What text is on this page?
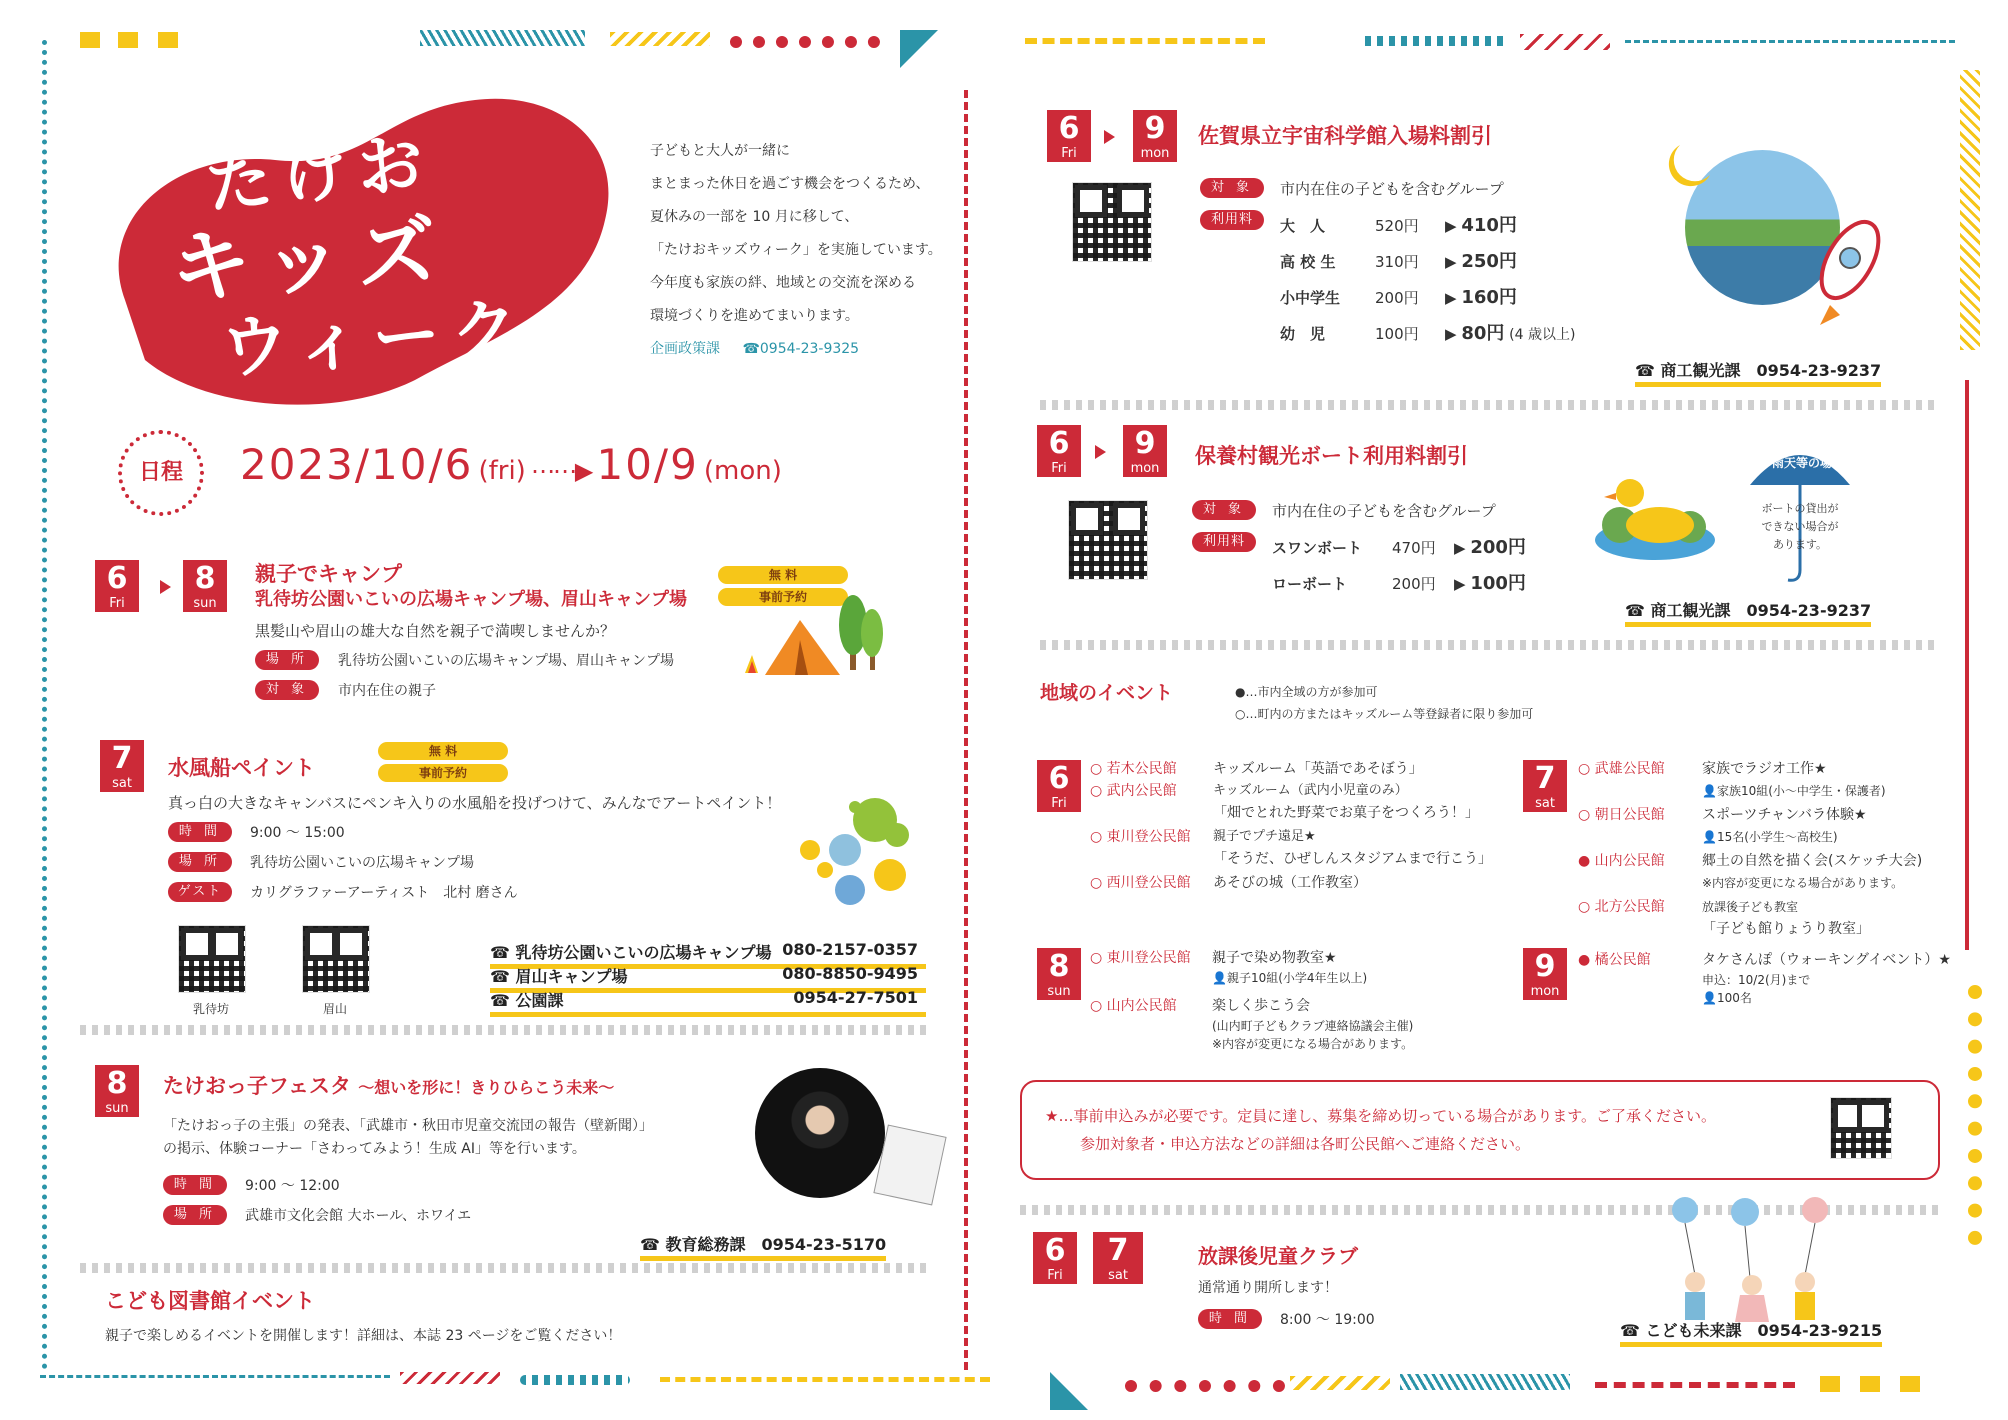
たけお
キッズ
ウィーク
子どもと大人が一緒に
まとまった休日を過ごす機会をつくるため、
夏休みの一部を 10 月に移して、
「たけおキッズウィーク」を実施しています。
今年度も家族の絆、地域との交流を深める
環境づくりを進めてまいります。
企画政策課 ☎0954-23-9325
日程	2023/10/6 (fri) ⋯⋯▶ 10/9 (mon)
6
Fri
8
sun
親子でキャンプ
乳待坊公園いこいの広場キャンプ場、眉山キャンプ場
無 料
事前予約
黒髪山や眉山の雄大な自然を親子で満喫しませんか？
場 所	乳待坊公園いこいの広場キャンプ場、眉山キャンプ場
対 象	市内在住の親子
7
sat
水風船ペイント
無 料
事前予約
真っ白の大きなキャンバスにペンキ入りの水風船を投げつけて、みんなでアートペイント！
時 間	9:00 ～ 15:00
場 所	乳待坊公園いこいの広場キャンプ場
ゲスト	カリグラファーアーティスト　北村 磨さん
乳待坊	眉山
☎ 乳待坊公園いこいの広場キャンプ場 080-2157-0357
☎ 眉山キャンプ場	080-8850-9495
☎ 公園課	0954-27-7501
8
sun
たけおっ子フェスタ ～想いを形に！きりひらこう未来～
「たけおっ子の主張」の発表、「武雄市・秋田市児童交流団の報告（壁新聞）」
の掲示、体験コーナー「さわってみよう！生成 AI」等を行います。
時 間	9:00 ～ 12:00
場 所	武雄市文化会館 大ホール、ホワイエ
☎ 教育総務課　0954-23-5170
こども図書館イベント
親子で楽しめるイベントを開催します！詳細は、本誌 23 ページをご覧ください！
6
Fri
9
mon
佐賀県立宇宙科学館入場料割引
対 象	市内在住の子どもを含むグループ
利用料	大　人	520円 ▶ 410円
高 校 生	310円 ▶ 250円
小中学生 200円 ▶ 160円
幼　児	100円 ▶ 80円 (4 歳以上)
☎ 商工観光課　0954-23-9237
6
Fri
9
mon
保養村観光ボート利用料割引
対 象	市内在住の子どもを含むグループ
利用料	スワンボート 470円 ▶ 200円
ローボート	200円 ▶ 100円
雨天等の場合
ボートの貸出が
できない場合が
あります。
☎ 商工観光課　0954-23-9237
地域のイベント	●…市内全域の方が参加可
○…町内の方またはキッズルーム等登録者に限り参加可
6
Fri
○ 若木公民館	キッズルーム「英語であそぼう」
○ 武内公民館	キッズルーム（武内小児童のみ）
「畑でとれた野菜でお菓子をつくろう！」
○ 東川登公民館 親子でプチ遠足★
「そうだ、ひぜしんスタジアムまで行こう」
○ 西川登公民館 あそびの城（工作教室）
8
sun
○ 東川登公民館 親子で染め物教室★
👤親子10組(小学4年生以上)
○ 山内公民館	楽しく歩こう会
(山内町子どもクラブ連絡協議会主催)
※内容が変更になる場合があります。
7
sat
○ 武雄公民館	家族でラジオ工作★
👤家族10組(小～中学生・保護者)
○ 朝日公民館	スポーツチャンバラ体験★
👤15名(小学生～高校生)
● 山内公民館	郷土の自然を描く会(スケッチ大会)
※内容が変更になる場合があります。
○ 北方公民館	放課後子ども教室
「子ども館りょうり教室」
9
mon
● 橘公民館	タケさんぽ（ウォーキングイベント）★
申込：10/2(月)まで
👤100名
★…事前申込みが必要です。定員に達し、募集を締め切っている場合があります。ご了承ください。
参加対象者・申込方法などの詳細は各町公民館へご連絡ください。
6
Fri
7
sat
放課後児童クラブ
通常通り開所します！
時 間	8:00 ～ 19:00
☎ こども未来課　0954-23-9215
